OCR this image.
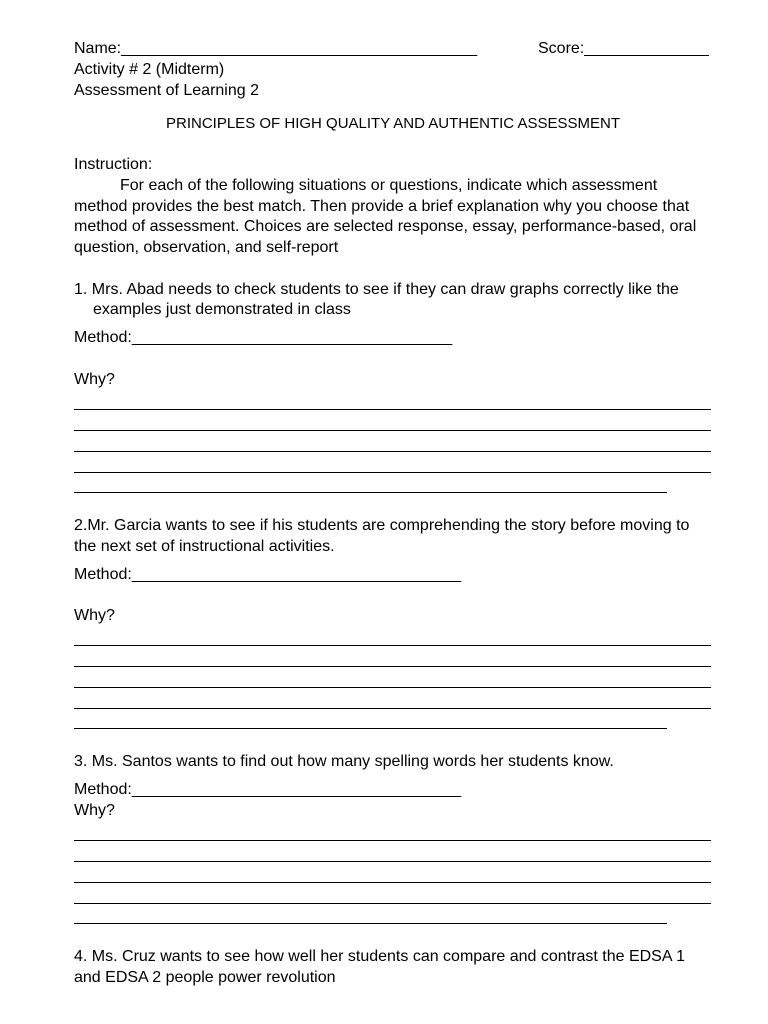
Name:________________________________________	Score:______________
Activity # 2 (Midterm)
Assessment of Learning 2
PRINCIPLES OF HIGH QUALITY AND AUTHENTIC ASSESSMENT
Instruction:
For each of the following situations or questions, indicate which assessment method provides the best match. Then provide a brief explanation why you choose that method of assessment. Choices are selected response, essay, performance-based, oral question, observation, and self-report
1. Mrs. Abad needs to check students to see if they can draw graphs correctly like the
examples just demonstrated in class
Method:____________________________________
Why?
2.Mr. Garcia wants to see if his students are comprehending the story before moving to
the next set of instructional activities.
Method:_____________________________________
Why?
3. Ms. Santos wants to find out how many spelling words her students know.
Method:_____________________________________
Why?
4. Ms. Cruz wants to see how well her students can compare and contrast the EDSA 1
and EDSA 2 people power revolution
